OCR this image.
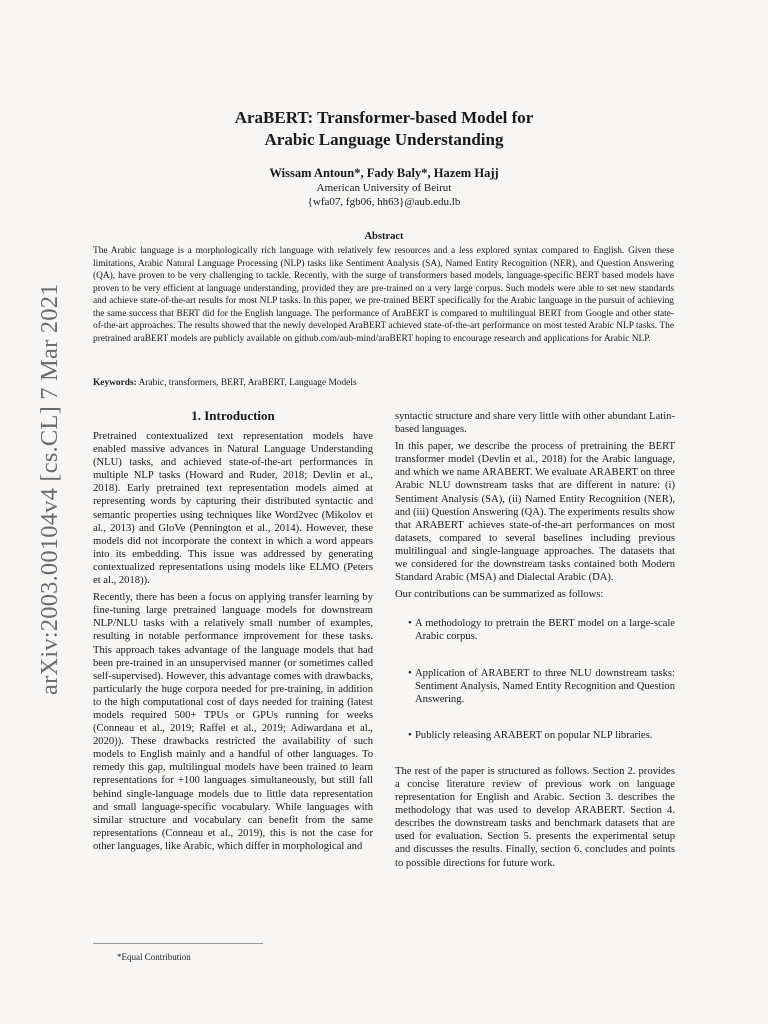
arXiv:2003.00104v4 [cs.CL] 7 Mar 2021
AraBERT: Transformer-based Model for
Arabic Language Understanding
Wissam Antoun*, Fady Baly*, Hazem Hajj
American University of Beirut
{wfa07, fgb06, hh63}@aub.edu.lb
Abstract
The Arabic language is a morphologically rich language with relatively few resources and a less explored syntax compared to English. Given these limitations, Arabic Natural Language Processing (NLP) tasks like Sentiment Analysis (SA), Named Entity Recognition (NER), and Question Answering (QA), have proven to be very challenging to tackle. Recently, with the surge of transformers based models, language-specific BERT based models have proven to be very efficient at language understanding, provided they are pre-trained on a very large corpus. Such models were able to set new standards and achieve state-of-the-art results for most NLP tasks. In this paper, we pre-trained BERT specifically for the Arabic language in the pursuit of achieving the same success that BERT did for the English language. The performance of AraBERT is compared to multilingual BERT from Google and other state-of-the-art approaches. The results showed that the newly developed AraBERT achieved state-of-the-art performance on most tested Arabic NLP tasks. The pretrained araBERT models are publicly available on github.com/aub-mind/araBERT hoping to encourage research and applications for Arabic NLP.
Keywords: Arabic, transformers, BERT, AraBERT, Language Models
1. Introduction

Pretrained contextualized text representation models have enabled massive advances in Natural Language Understanding (NLU) tasks, and achieved state-of-the-art performances in multiple NLP tasks (Howard and Ruder, 2018; Devlin et al., 2018). Early pretrained text representation models aimed at representing words by capturing their distributed syntactic and semantic properties using techniques like Word2vec (Mikolov et al., 2013) and GloVe (Pennington et al., 2014). However, these models did not incorporate the context in which a word appears into its embedding. This issue was addressed by generating contextualized representations using models like ELMO (Peters et al., 2018)).

Recently, there has been a focus on applying transfer learning by fine-tuning large pretrained language models for downstream NLP/NLU tasks with a relatively small number of examples, resulting in notable performance improvement for these tasks. This approach takes advantage of the language models that had been pre-trained in an unsupervised manner (or sometimes called self-supervised). However, this advantage comes with drawbacks, particularly the huge corpora needed for pre-training, in addition to the high computational cost of days needed for training (latest models required 500+ TPUs or GPUs running for weeks (Conneau et al., 2019; Raffel et al., 2019; Adiwardana et al., 2020)). These drawbacks restricted the availability of such models to English mainly and a handful of other languages. To remedy this gap, multilingual models have been trained to learn representations for +100 languages simultaneously, but still fall behind single-language models due to little data representation and small language-specific vocabulary. While languages with similar structure and vocabulary can benefit from the same representations (Conneau et al., 2019), this is not the case for other languages, like Arabic, which differ in morphological and

syntactic structure and share very little with other abundant Latin-based languages.

In this paper, we describe the process of pretraining the BERT transformer model (Devlin et al., 2018) for the Arabic language, and which we name ARABERT. We evaluate ARABERT on three Arabic NLU downstream tasks that are different in nature: (i) Sentiment Analysis (SA), (ii) Named Entity Recognition (NER), and (iii) Question Answering (QA). The experiments results show that ARABERT achieves state-of-the-art performances on most datasets, compared to several baselines including previous multilingual and single-language approaches. The datasets that we considered for the downstream tasks contained both Modern Standard Arabic (MSA) and Dialectal Arabic (DA).

Our contributions can be summarized as follows:

• A methodology to pretrain the BERT model on a large-scale Arabic corpus.
• Application of ARABERT to three NLU downstream tasks: Sentiment Analysis, Named Entity Recognition and Question Answering.
• Publicly releasing ARABERT on popular NLP libraries.

The rest of the paper is structured as follows. Section 2. provides a concise literature review of previous work on language representation for English and Arabic. Section 3. describes the methodology that was used to develop ARABERT. Section 4. describes the downstream tasks and benchmark datasets that are used for evaluation. Section 5. presents the experimental setup and discusses the results. Finally, section 6. concludes and points to possible directions for future work.

*Equal Contribution
